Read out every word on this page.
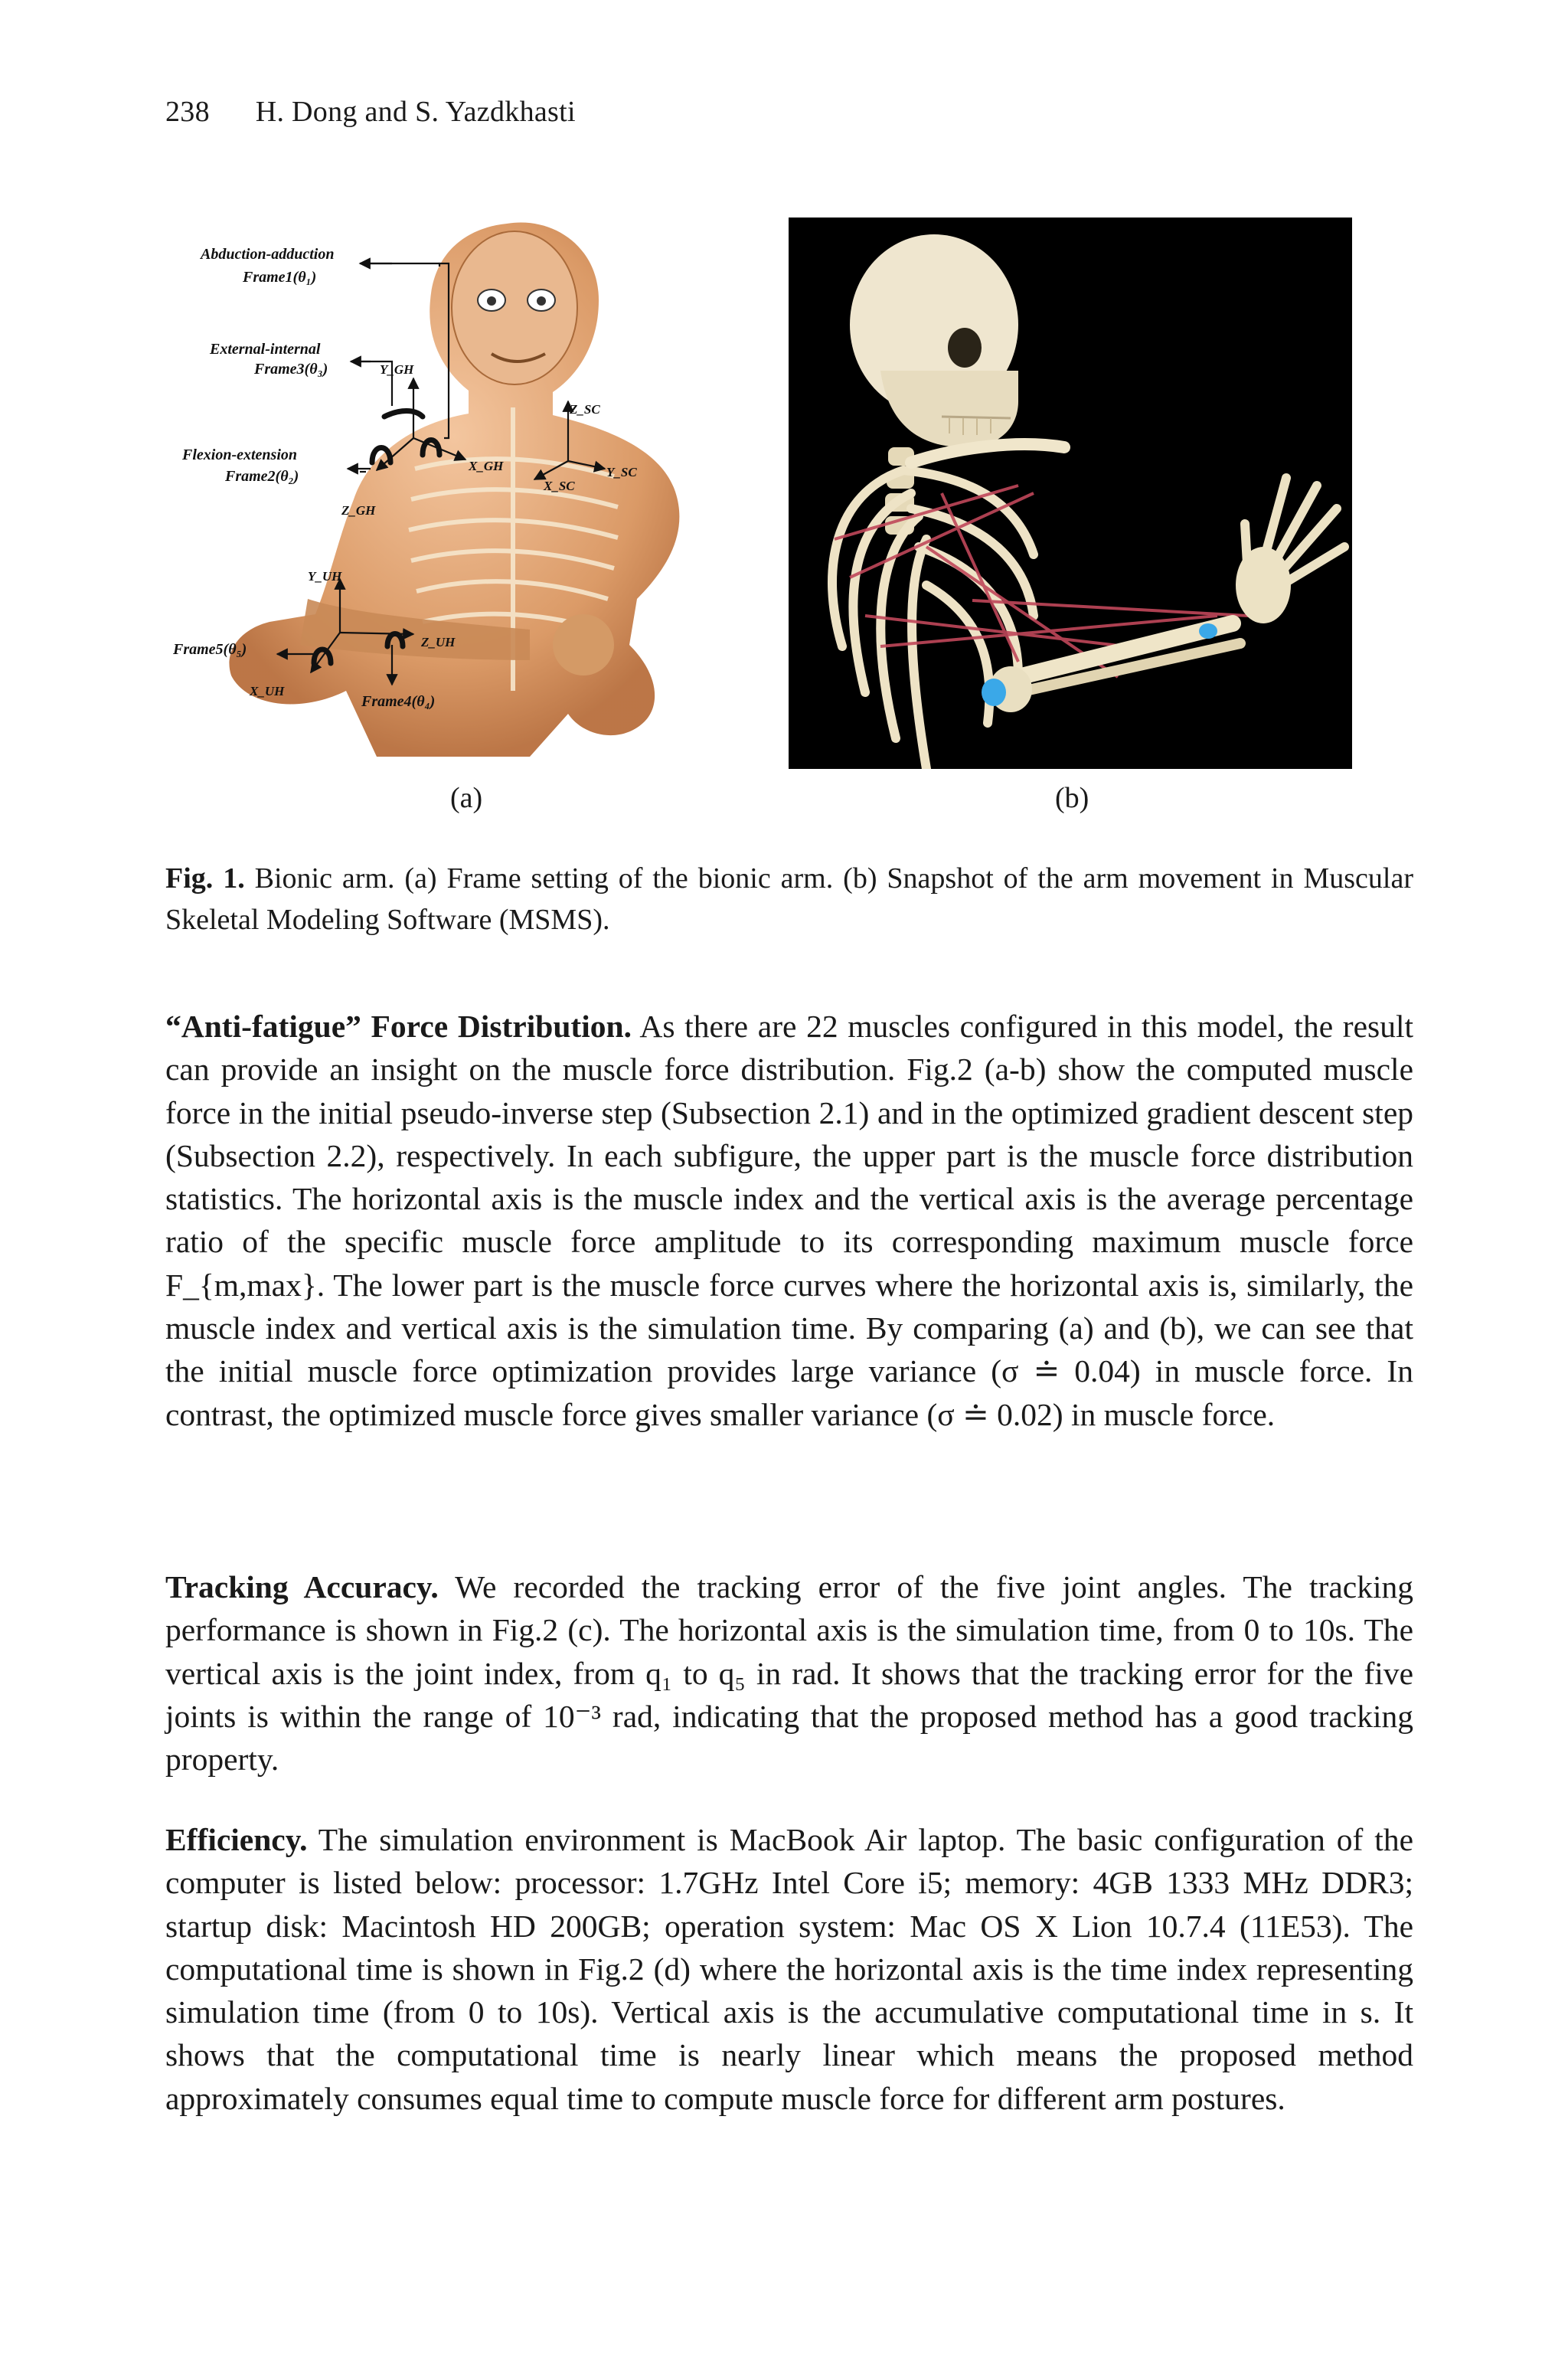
238 H. Dong and S. Yazdkhasti
Abduction-adduction
Frame1(θ₁)
External-internal
Frame3(θ₃)
Flexion-extension
Frame2(θ₂)
Frame5(θ₅)
Frame4(θ₄)
Y_GH
X_GH
Z_GH
Z_SC
X_SC
Y_SC
Y_UH
X_UH
Z_UH
(a)	(b)
Fig. 1. Bionic arm. (a) Frame setting of the bionic arm. (b) Snapshot of the arm movement in Muscular Skeletal Modeling Software (MSMS).
“Anti-fatigue” Force Distribution. As there are 22 muscles configured in this model, the result can provide an insight on the muscle force distribution. Fig.2 (a-b) show the computed muscle force in the initial pseudo-inverse step (Subsection 2.1) and in the optimized gradient descent step (Subsection 2.2), respectively. In each subfigure, the upper part is the muscle force distribution statistics. The horizontal axis is the muscle index and the vertical axis is the average percentage ratio of the specific muscle force amplitude to its corresponding maximum muscle force F_{m,max}. The lower part is the muscle force curves where the horizontal axis is, similarly, the muscle index and vertical axis is the simulation time. By comparing (a) and (b), we can see that the initial muscle force optimization provides large variance (σ ≐ 0.04) in muscle force. In contrast, the optimized muscle force gives smaller variance (σ ≐ 0.02) in muscle force.
Tracking Accuracy. We recorded the tracking error of the five joint angles. The tracking performance is shown in Fig.2 (c). The horizontal axis is the simulation time, from 0 to 10s. The vertical axis is the joint index, from q₁ to q₅ in rad. It shows that the tracking error for the five joints is within the range of 10⁻³ rad, indicating that the proposed method has a good tracking property.
Efficiency. The simulation environment is MacBook Air laptop. The basic configuration of the computer is listed below: processor: 1.7GHz Intel Core i5; memory: 4GB 1333 MHz DDR3; startup disk: Macintosh HD 200GB; operation system: Mac OS X Lion 10.7.4 (11E53). The computational time is shown in Fig.2 (d) where the horizontal axis is the time index representing simulation time (from 0 to 10s). Vertical axis is the accumulative computational time in s. It shows that the computational time is nearly linear which means the proposed method approximately consumes equal time to compute muscle force for different arm postures.
